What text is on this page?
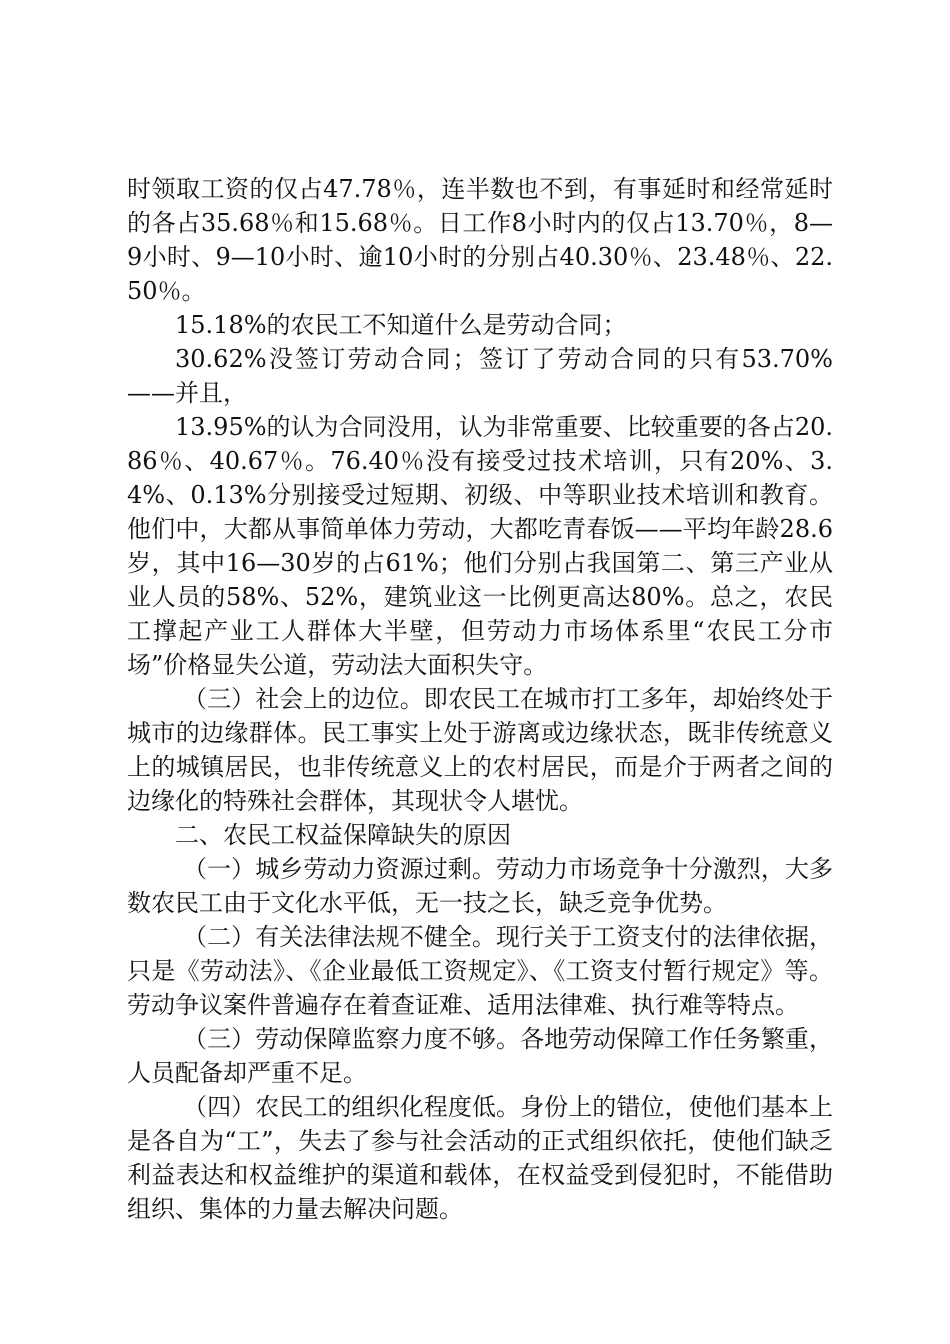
时领取工资的仅占47.78％，连半数也不到，有事延时和经常延时的各占35.68％和15.68％。日工作8小时内的仅占13.70％，8—9小时、9—10小时、逾10小时的分别占40.30％、23.48％、22.50％。

15.18%的农民工不知道什么是劳动合同；

30.62%没签订劳动合同；签订了劳动合同的只有53.70%——并且，

13.95%的认为合同没用，认为非常重要、比较重要的各占20.86％、40.67％。76.40％没有接受过技术培训，只有20%、3.4%、0.13%分别接受过短期、初级、中等职业技术培训和教育。他们中，大都从事简单体力劳动，大都吃青春饭——平均年龄28.6岁，其中16—30岁的占61%；他们分别占我国第二、第三产业从业人员的58%、52%，建筑业这一比例更高达80%。总之，农民工撑起产业工人群体大半壁，但劳动力市场体系里“农民工分市场”价格显失公道，劳动法大面积失守。

（三）社会上的边位。即农民工在城市打工多年，却始终处于城市的边缘群体。民工事实上处于游离或边缘状态，既非传统意义上的城镇居民，也非传统意义上的农村居民，而是介于两者之间的边缘化的特殊社会群体，其现状令人堪忧。

二、农民工权益保障缺失的原因

（一）城乡劳动力资源过剩。劳动力市场竞争十分激烈，大多数农民工由于文化水平低，无一技之长，缺乏竞争优势。

（二）有关法律法规不健全。现行关于工资支付的法律依据，只是《劳动法》、《企业最低工资规定》、《工资支付暂行规定》等。劳动争议案件普遍存在着查证难、适用法律难、执行难等特点。

（三）劳动保障监察力度不够。各地劳动保障工作任务繁重，人员配备却严重不足。

（四）农民工的组织化程度低。身份上的错位，使他们基本上是各自为“工”，失去了参与社会活动的正式组织依托，使他们缺乏利益表达和权益维护的渠道和载体，在权益受到侵犯时，不能借助组织、集体的力量去解决问题。
